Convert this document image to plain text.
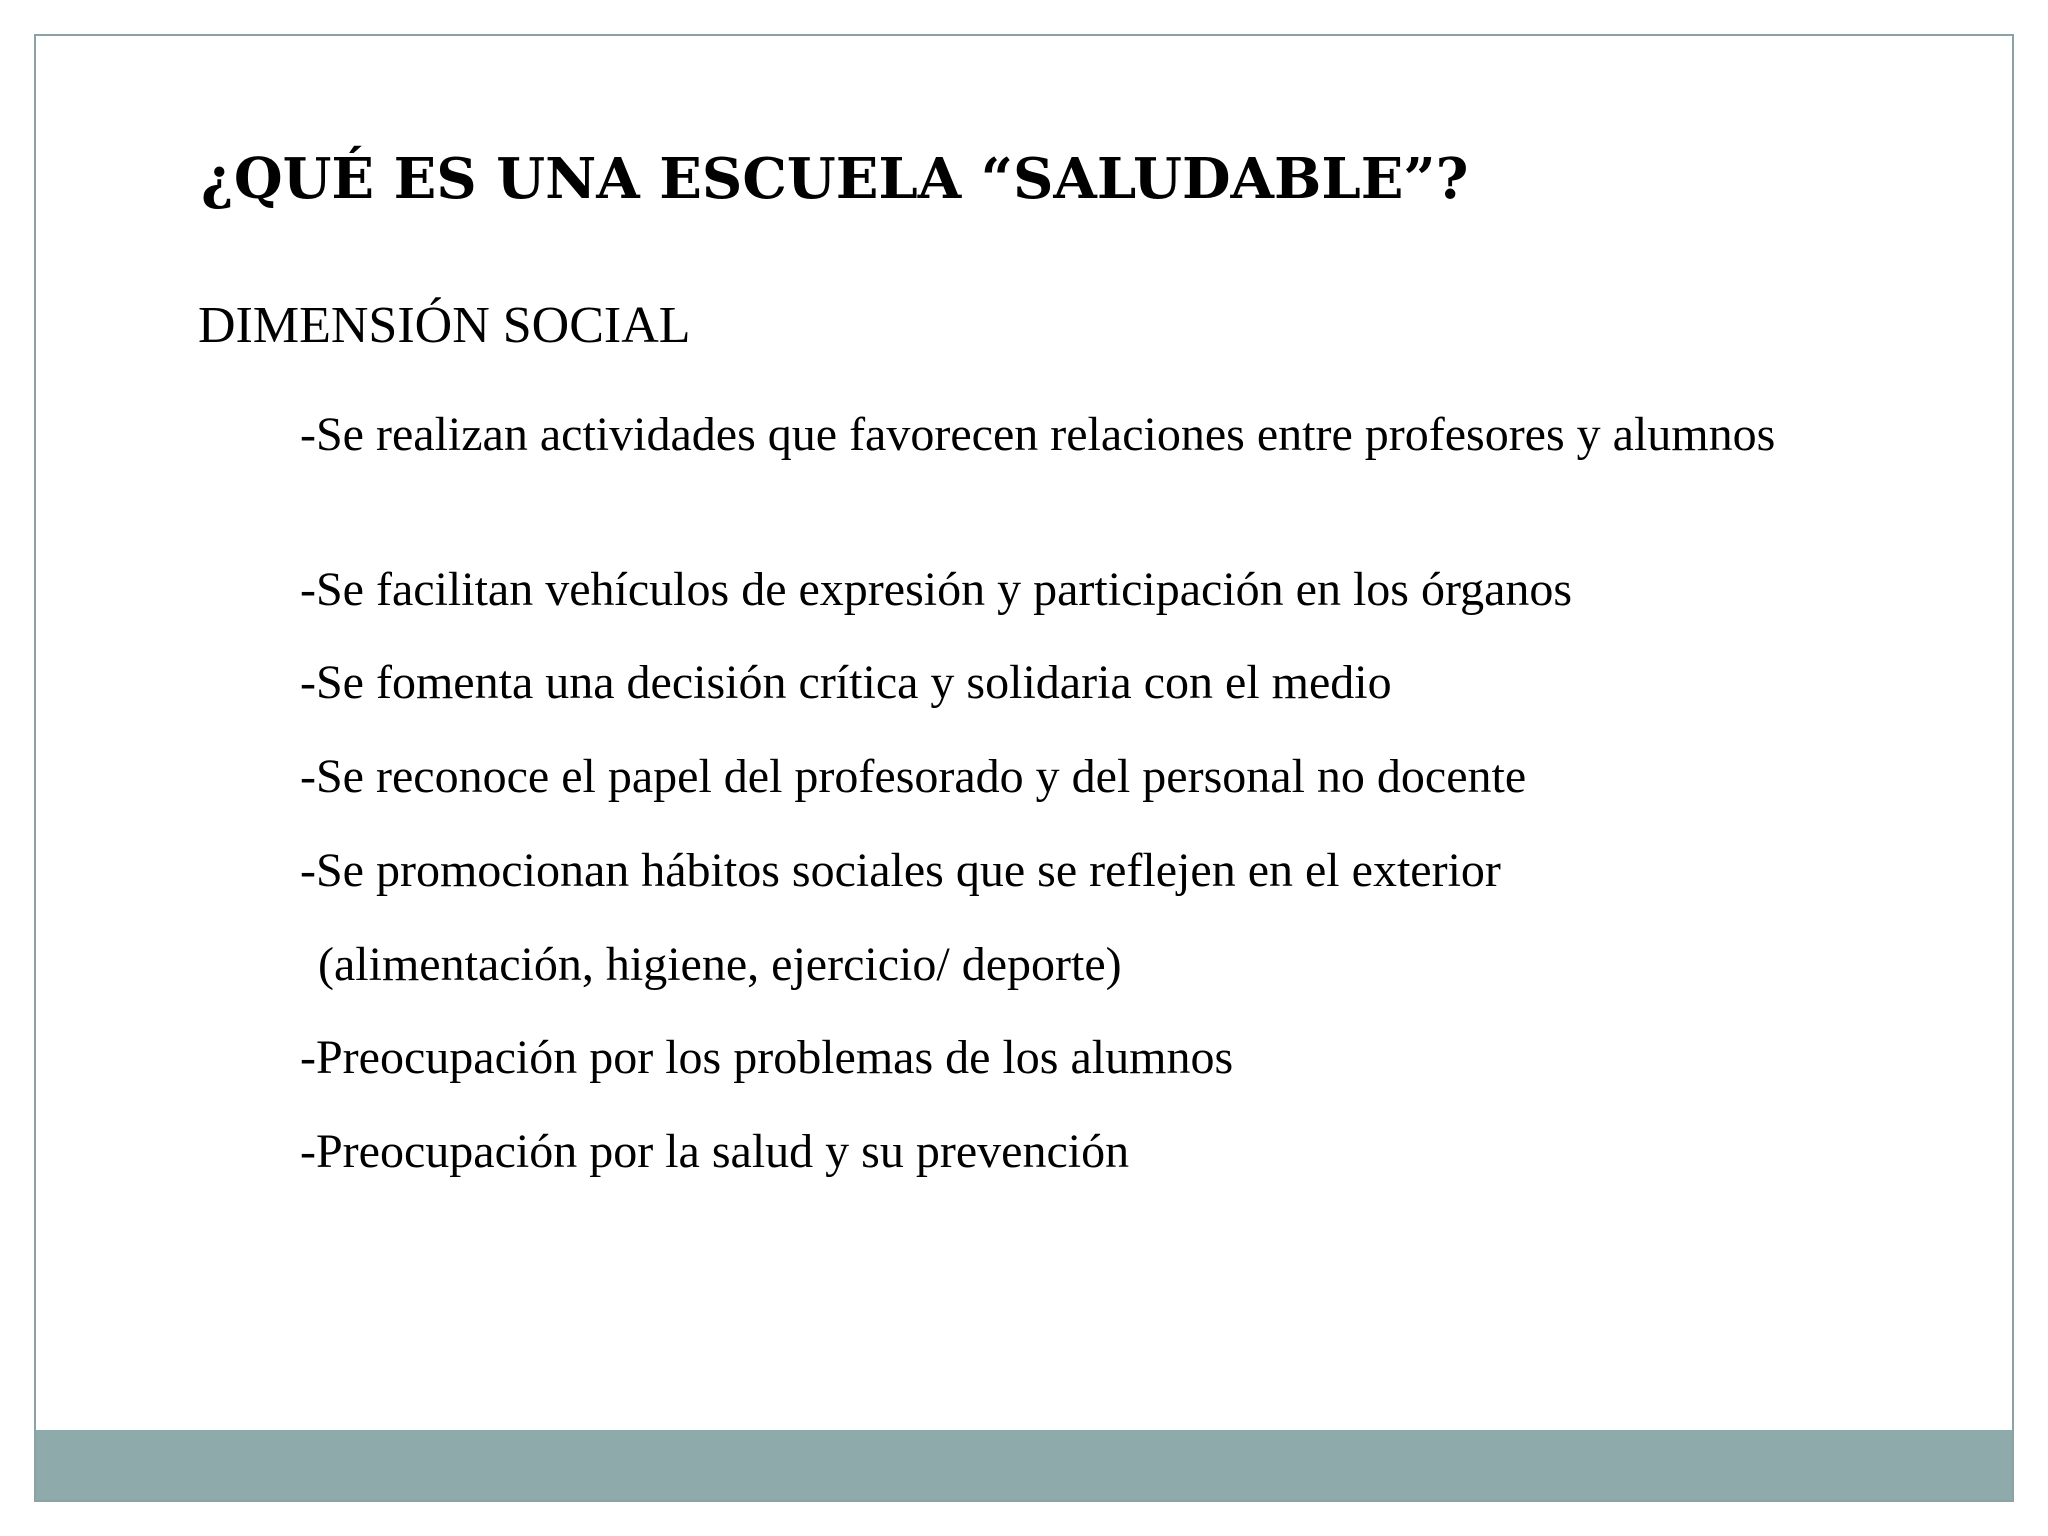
¿QUÉ ES UNA ESCUELA “SALUDABLE”?
DIMENSIÓN SOCIAL
-Se realizan actividades que favorecen relaciones entre profesores y alumnos
-Se facilitan vehículos de expresión y participación en los órganos
-Se fomenta una decisión crítica y solidaria con el medio
-Se reconoce el papel del profesorado y del personal no docente
-Se promocionan hábitos sociales que se reflejen en el exterior
(alimentación, higiene, ejercicio/ deporte)
-Preocupación por los problemas de los alumnos
-Preocupación por la salud y su prevención
